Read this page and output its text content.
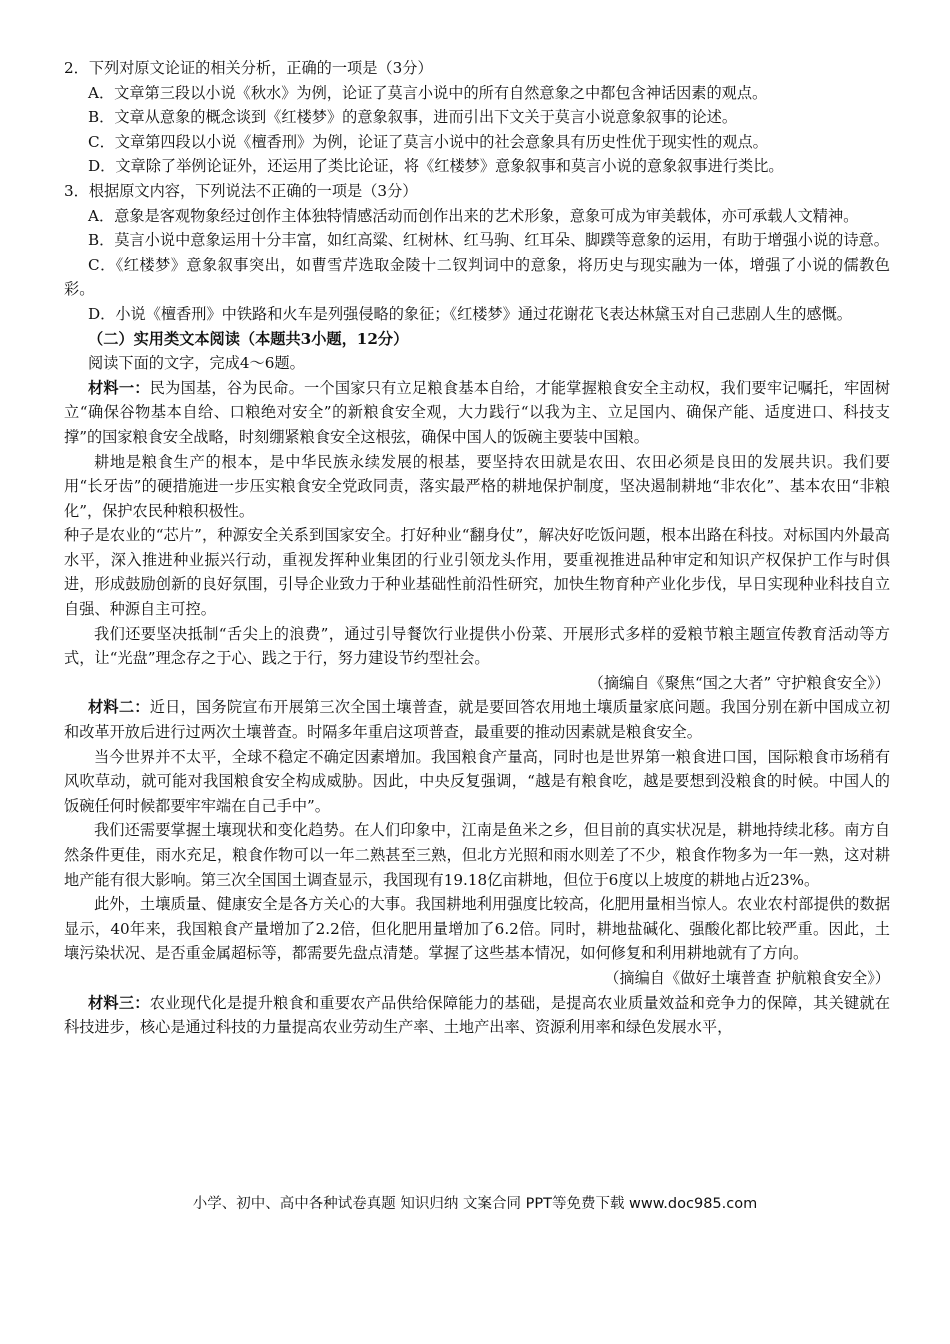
2．下列对原文论证的相关分析，正确的一项是（3分）

A．文章第三段以小说《秋水》为例，论证了莫言小说中的所有自然意象之中都包含神话因素的观点。

B．文章从意象的概念谈到《红楼梦》的意象叙事，进而引出下文关于莫言小说意象叙事的论述。

C．文章第四段以小说《檀香刑》为例，论证了莫言小说中的社会意象具有历史性优于现实性的观点。

D．文章除了举例论证外，还运用了类比论证，将《红楼梦》意象叙事和莫言小说的意象叙事进行类比。

3．根据原文内容，下列说法不正确的一项是（3分）

A．意象是客观物象经过创作主体独特情感活动而创作出来的艺术形象，意象可成为审美载体，亦可承载人文精神。

B．莫言小说中意象运用十分丰富，如红高粱、红树林、红马驹、红耳朵、脚蹼等意象的运用，有助于增强小说的诗意。

C．《红楼梦》意象叙事突出，如曹雪芹选取金陵十二钗判词中的意象，将历史与现实融为一体，增强了小说的儒教色彩。

D．小说《檀香刑》中铁路和火车是列强侵略的象征；《红楼梦》通过花谢花飞表达林黛玉对自己悲剧人生的感慨。

（二）实用类文本阅读（本题共3小题，12分）

阅读下面的文字，完成4～6题。

材料一：民为国基，谷为民命。一个国家只有立足粮食基本自给，才能掌握粮食安全主动权，我们要牢记嘱托，牢固树立“确保谷物基本自给、口粮绝对安全”的新粮食安全观，大力践行“以我为主、立足国内、确保产能、适度进口、科技支撑”的国家粮食安全战略，时刻绷紧粮食安全这根弦，确保中国人的饭碗主要装中国粮。

耕地是粮食生产的根本，是中华民族永续发展的根基，要坚持农田就是农田、农田必须是良田的发展共识。我们要用“长牙齿”的硬措施进一步压实粮食安全党政同责，落实最严格的耕地保护制度，坚决遏制耕地“非农化”、基本农田“非粮化”，保护农民种粮积极性。

种子是农业的“芯片”，种源安全关系到国家安全。打好种业“翻身仗”，解决好吃饭问题，根本出路在科技。对标国内外最高水平，深入推进种业振兴行动，重视发挥种业集团的行业引领龙头作用，要重视推进品种审定和知识产权保护工作与时俱进，形成鼓励创新的良好氛围，引导企业致力于种业基础性前沿性研究，加快生物育种产业化步伐，早日实现种业科技自立自强、种源自主可控。

我们还要坚决抵制“舌尖上的浪费”，通过引导餐饮行业提供小份菜、开展形式多样的爱粮节粮主题宣传教育活动等方式，让“光盘”理念存之于心、践之于行，努力建设节约型社会。

（摘编自《聚焦“国之大者” 守护粮食安全》）

材料二：近日，国务院宣布开展第三次全国土壤普查，就是要回答农用地土壤质量家底问题。我国分别在新中国成立初和改革开放后进行过两次土壤普查。时隔多年重启这项普查，最重要的推动因素就是粮食安全。

当今世界并不太平，全球不稳定不确定因素增加。我国粮食产量高，同时也是世界第一粮食进口国，国际粮食市场稍有风吹草动，就可能对我国粮食安全构成威胁。因此，中央反复强调，“越是有粮食吃，越是要想到没粮食的时候。中国人的饭碗任何时候都要牢牢端在自己手中”。

我们还需要掌握土壤现状和变化趋势。在人们印象中，江南是鱼米之乡，但目前的真实状况是，耕地持续北移。南方自然条件更佳，雨水充足，粮食作物可以一年二熟甚至三熟，但北方光照和雨水则差了不少，粮食作物多为一年一熟，这对耕地产能有很大影响。第三次全国国土调查显示，我国现有19.18亿亩耕地，但位于6度以上坡度的耕地占近23%。

此外，土壤质量、健康安全是各方关心的大事。我国耕地利用强度比较高，化肥用量相当惊人。农业农村部提供的数据显示，40年来，我国粮食产量增加了2.2倍，但化肥用量增加了6.2倍。同时，耕地盐碱化、强酸化都比较严重。因此，土壤污染状况、是否重金属超标等，都需要先盘点清楚。掌握了这些基本情况，如何修复和利用耕地就有了方向。

（摘编自《做好土壤普查 护航粮食安全》）

材料三：农业现代化是提升粮食和重要农产品供给保障能力的基础，是提高农业质量效益和竞争力的保障，其关键就在科技进步，核心是通过科技的力量提高农业劳动生产率、土地产出率、资源利用率和绿色发展水平，

小学、初中、高中各种试卷真题 知识归纳 文案合同 PPT等免费下载 www.doc985.com
